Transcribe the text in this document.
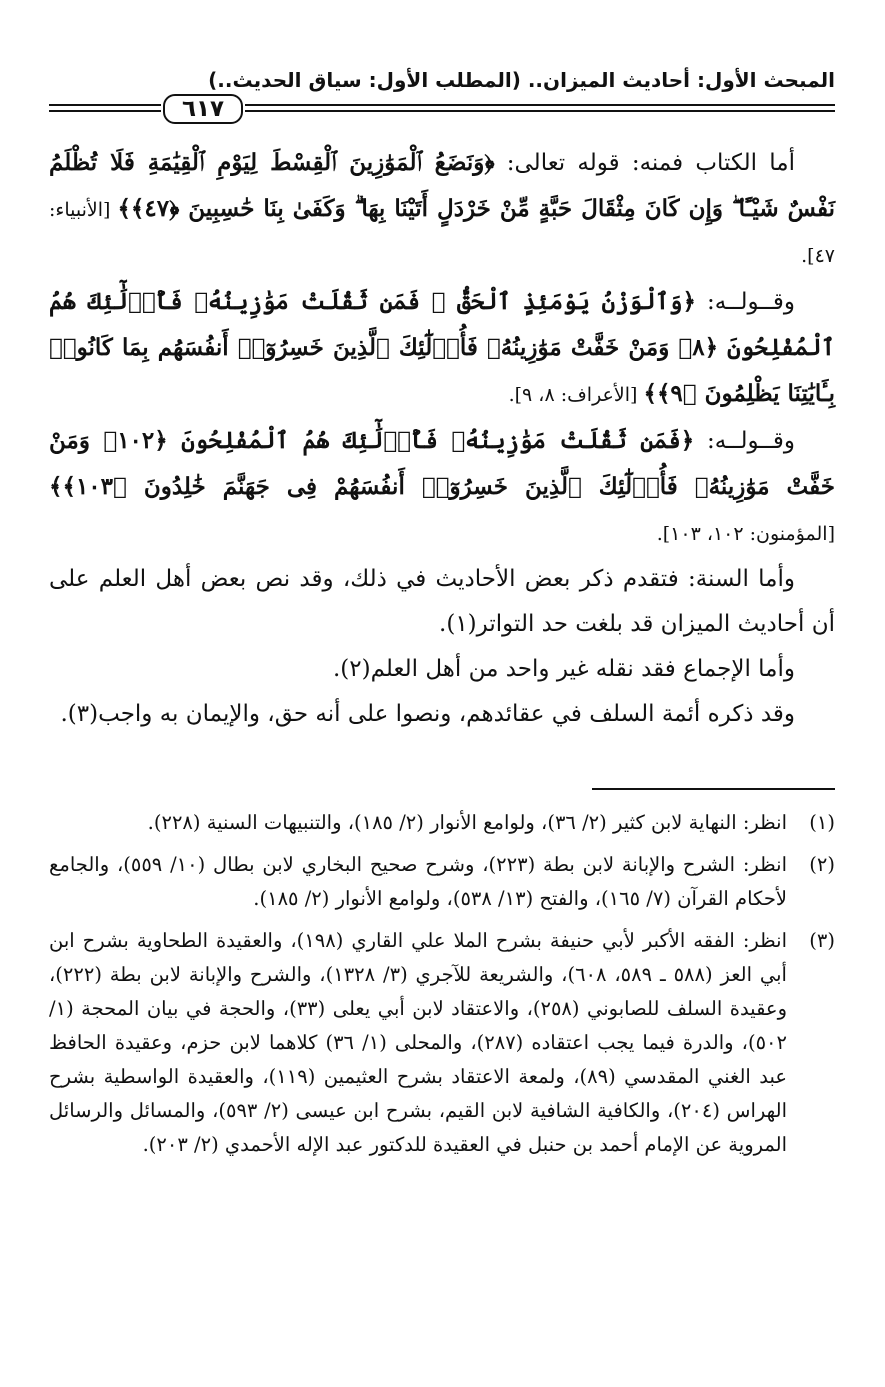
المبحث الأول: أحاديث الميزان.. (المطلب الأول: سياق الحديث..)
٦١٧

أما الكتاب فمنه: قوله تعالى: ﴿وَنَضَعُ ٱلْمَوَٰزِينَ ٱلْقِسْطَ لِيَوْمِ ٱلْقِيَٰمَةِ فَلَا تُظْلَمُ نَفْسٌ شَيْـًٔا ۖ وَإِن كَانَ مِثْقَالَ حَبَّةٍ مِّنْ خَرْدَلٍ أَتَيْنَا بِهَا ۗ وَكَفَىٰ بِنَا حَٰسِبِينَ ﴿٤٧﴾﴾ [الأنبياء: ٤٧].

وقــولــه: ﴿وَٱلْوَزْنُ يَوْمَئِذٍ ٱلْحَقُّ ۚ فَمَن ثَقُلَتْ مَوَٰزِينُهُۥ فَأُو۟لَٰٓئِكَ هُمُ ٱلْمُفْلِحُونَ ﴿٨﴾ وَمَنْ خَفَّتْ مَوَٰزِينُهُۥ فَأُو۟لَٰٓئِكَ ٱلَّذِينَ خَسِرُوٓا۟ أَنفُسَهُم بِمَا كَانُوا۟ بِـَٔايَٰتِنَا يَظْلِمُونَ ﴿٩﴾﴾ [الأعراف: ٨، ٩].

وقــولــه: ﴿فَمَن ثَقُلَتْ مَوَٰزِينُهُۥ فَأُو۟لَٰٓئِكَ هُمُ ٱلْمُفْلِحُونَ ﴿١٠٢﴾ وَمَنْ خَفَّتْ مَوَٰزِينُهُۥ فَأُو۟لَٰٓئِكَ ٱلَّذِينَ خَسِرُوٓا۟ أَنفُسَهُمْ فِى جَهَنَّمَ خَٰلِدُونَ ﴿١٠٣﴾﴾ [المؤمنون: ١٠٢، ١٠٣].

وأما السنة: فتقدم ذكر بعض الأحاديث في ذلك، وقد نص بعض أهل العلم على أن أحاديث الميزان قد بلغت حد التواتر(١).

وأما الإجماع فقد نقله غير واحد من أهل العلم(٢).

وقد ذكره أئمة السلف في عقائدهم، ونصوا على أنه حق، والإيمان به واجب(٣).

(١)
انظر: النهاية لابن كثير (٢/ ٣٦)، ولوامع الأنوار (٢/ ١٨٥)، والتنبيهات السنية (٢٢٨).
(٢)
انظر: الشرح والإبانة لابن بطة (٢٢٣)، وشرح صحيح البخاري لابن بطال (١٠/ ٥٥٩)، والجامع لأحكام القرآن (٧/ ١٦٥)، والفتح (١٣/ ٥٣٨)، ولوامع الأنوار (٢/ ١٨٥).
(٣)
انظر: الفقه الأكبر لأبي حنيفة بشرح الملا علي القاري (١٩٨)، والعقيدة الطحاوية بشرح ابن أبي العز (٥٨٨ ـ ٥٨٩، ٦٠٨)، والشريعة للآجري (٣/ ١٣٢٨)، والشرح والإبانة لابن بطة (٢٢٢)، وعقيدة السلف للصابوني (٢٥٨)، والاعتقاد لابن أبي يعلى (٣٣)، والحجة في بيان المحجة (١/ ٥٠٢)، والدرة فيما يجب اعتقاده (٢٨٧)، والمحلى (١/ ٣٦) كلاهما لابن حزم، وعقيدة الحافظ عبد الغني المقدسي (٨٩)، ولمعة الاعتقاد بشرح العثيمين (١١٩)، والعقيدة الواسطية بشرح الهراس (٢٠٤)، والكافية الشافية لابن القيم، بشرح ابن عيسى (٢/ ٥٩٣)، والمسائل والرسائل المروية عن الإمام أحمد بن حنبل في العقيدة للدكتور عبد الإله الأحمدي (٢/ ٢٠٣).
